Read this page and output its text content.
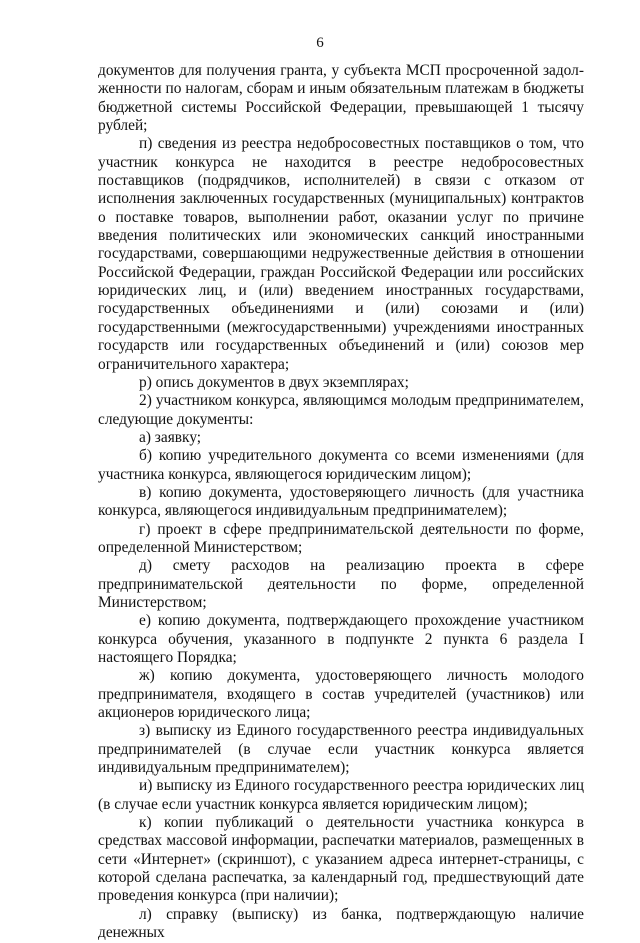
6

документов для получения гранта, у субъекта МСП просроченной задолженности по налогам, сборам и иным обязательным платежам в бюджеты бюджетной системы Российской Федерации, превышающей 1 тысячу рублей;

п) сведения из реестра недобросовестных поставщиков о том, что участник конкурса не находится в реестре недобросовестных поставщиков (подрядчиков, исполнителей) в связи с отказом от исполнения заключенных государственных (муниципальных) контрактов о поставке товаров, выполнении работ, оказании услуг по причине введения политических или экономических санкций иностранными государствами, совершающими недружественные действия в отношении Российской Федерации, граждан Российской Федерации или российских юридических лиц, и (или) введением иностранных государствами, государственных объединениями и (или) союзами и (или) государственными (межгосударственными) учреждениями иностранных государств или государственных объединений и (или) союзов мер ограничительного характера;

р) опись документов в двух экземплярах;

2) участником конкурса, являющимся молодым предпринимателем, следующие документы:

а) заявку;

б) копию учредительного документа со всеми изменениями (для участника конкурса, являющегося юридическим лицом);

в) копию документа, удостоверяющего личность (для участника конкурса, являющегося индивидуальным предпринимателем);

г) проект в сфере предпринимательской деятельности по форме, определенной Министерством;

д) смету расходов на реализацию проекта в сфере предпринимательской деятельности по форме, определенной Министерством;

е) копию документа, подтверждающего прохождение участником конкурса обучения, указанного в подпункте 2 пункта 6 раздела I настоящего Порядка;

ж) копию документа, удостоверяющего личность молодого предпринимателя, входящего в состав учредителей (участников) или акционеров юридического лица;

з) выписку из Единого государственного реестра индивидуальных предпринимателей (в случае если участник конкурса является индивидуальным предпринимателем);

и) выписку из Единого государственного реестра юридических лиц (в случае если участник конкурса является юридическим лицом);

к) копии публикаций о деятельности участника конкурса в средствах массовой информации, распечатки материалов, размещенных в сети «Интернет» (скриншот), с указанием адреса интернет-страницы, с которой сделана распечатка, за календарный год, предшествующий дате проведения конкурса (при наличии);

л) справку (выписку) из банка, подтверждающую наличие денежных
